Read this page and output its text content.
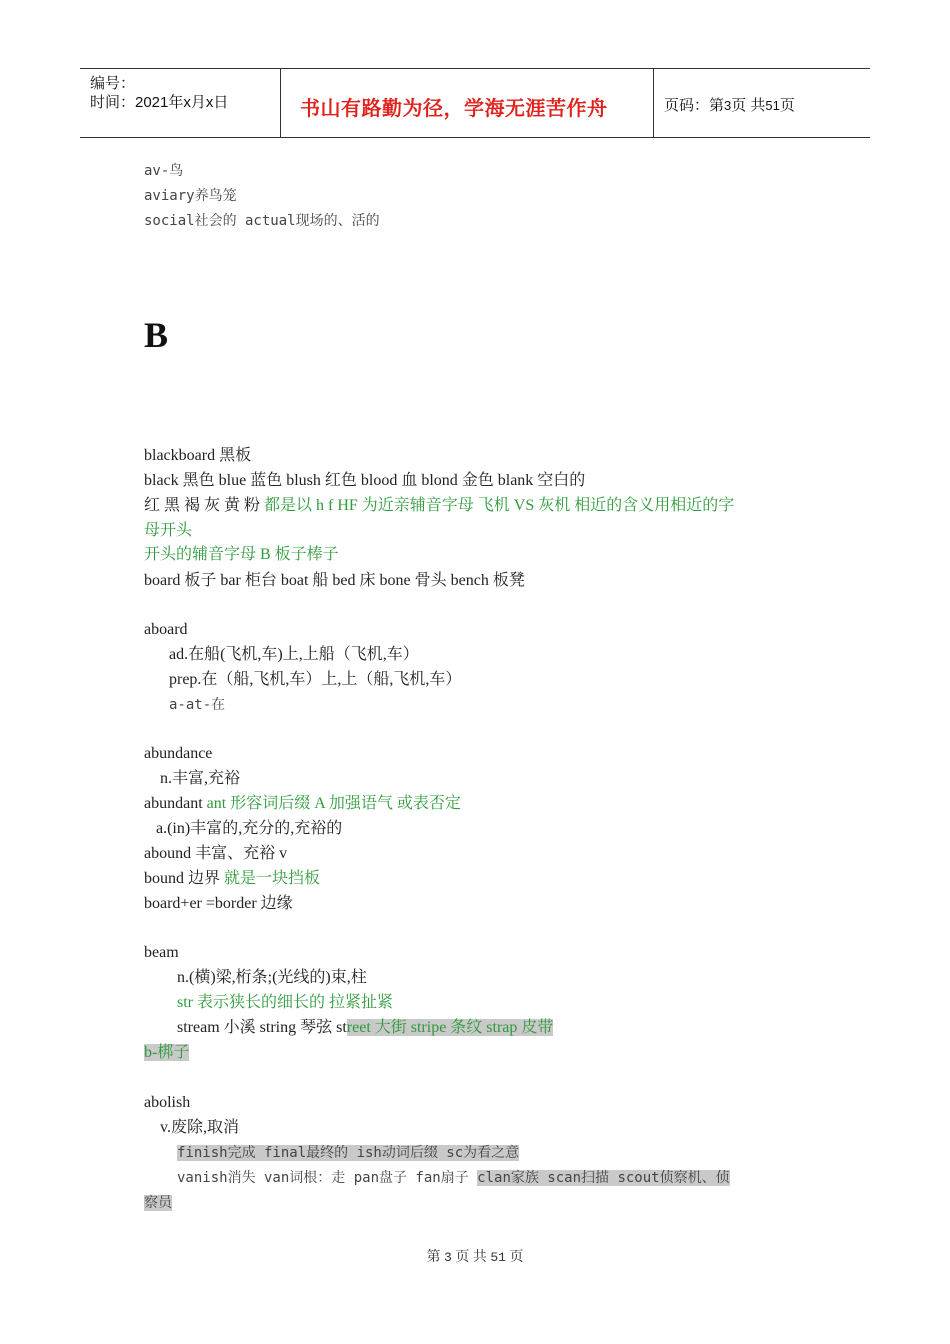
编号：
时间：2021年x月x日	书山有路勤为径，学海无涯苦作舟	页码：第3页 共51页
av-鸟
aviary养鸟笼
social社会的 actual现场的、活的
B
blackboard 黑板
black 黑色 blue 蓝色 blush 红色 blood 血 blond 金色 blank 空白的
红 黑 褐 灰 黄 粉 都是以 h f HF 为近亲辅音字母 飞机 VS 灰机 相近的含义用相近的字
母开头
开头的辅音字母 B 板子棒子
board 板子 bar 柜台 boat 船 bed 床 bone 骨头 bench 板凳
aboard
ad.在船(飞机,车)上,上船（飞机,车）
prep.在（船,飞机,车）上,上（船,飞机,车）
a-at-在
abundance
n.丰富,充裕
abundant ant 形容词后缀 A 加强语气 或表否定
a.(in)丰富的,充分的,充裕的
abound 丰富、充裕 v
bound 边界 就是一块挡板
board+er =border 边缘
beam
n.(横)梁,桁条;(光线的)束,柱
str 表示狭长的细长的 拉紧扯紧
stream 小溪 string 琴弦 street 大街 stripe 条纹 strap 皮带
b-梆子
abolish
v.废除,取消
finish完成 final最终的 ish动词后缀 sc为看之意
vanish消失 van词根：走 pan盘子 fan扇子 clan家族 scan扫描 scout侦察机、侦
察员
第 3 页 共 51 页
